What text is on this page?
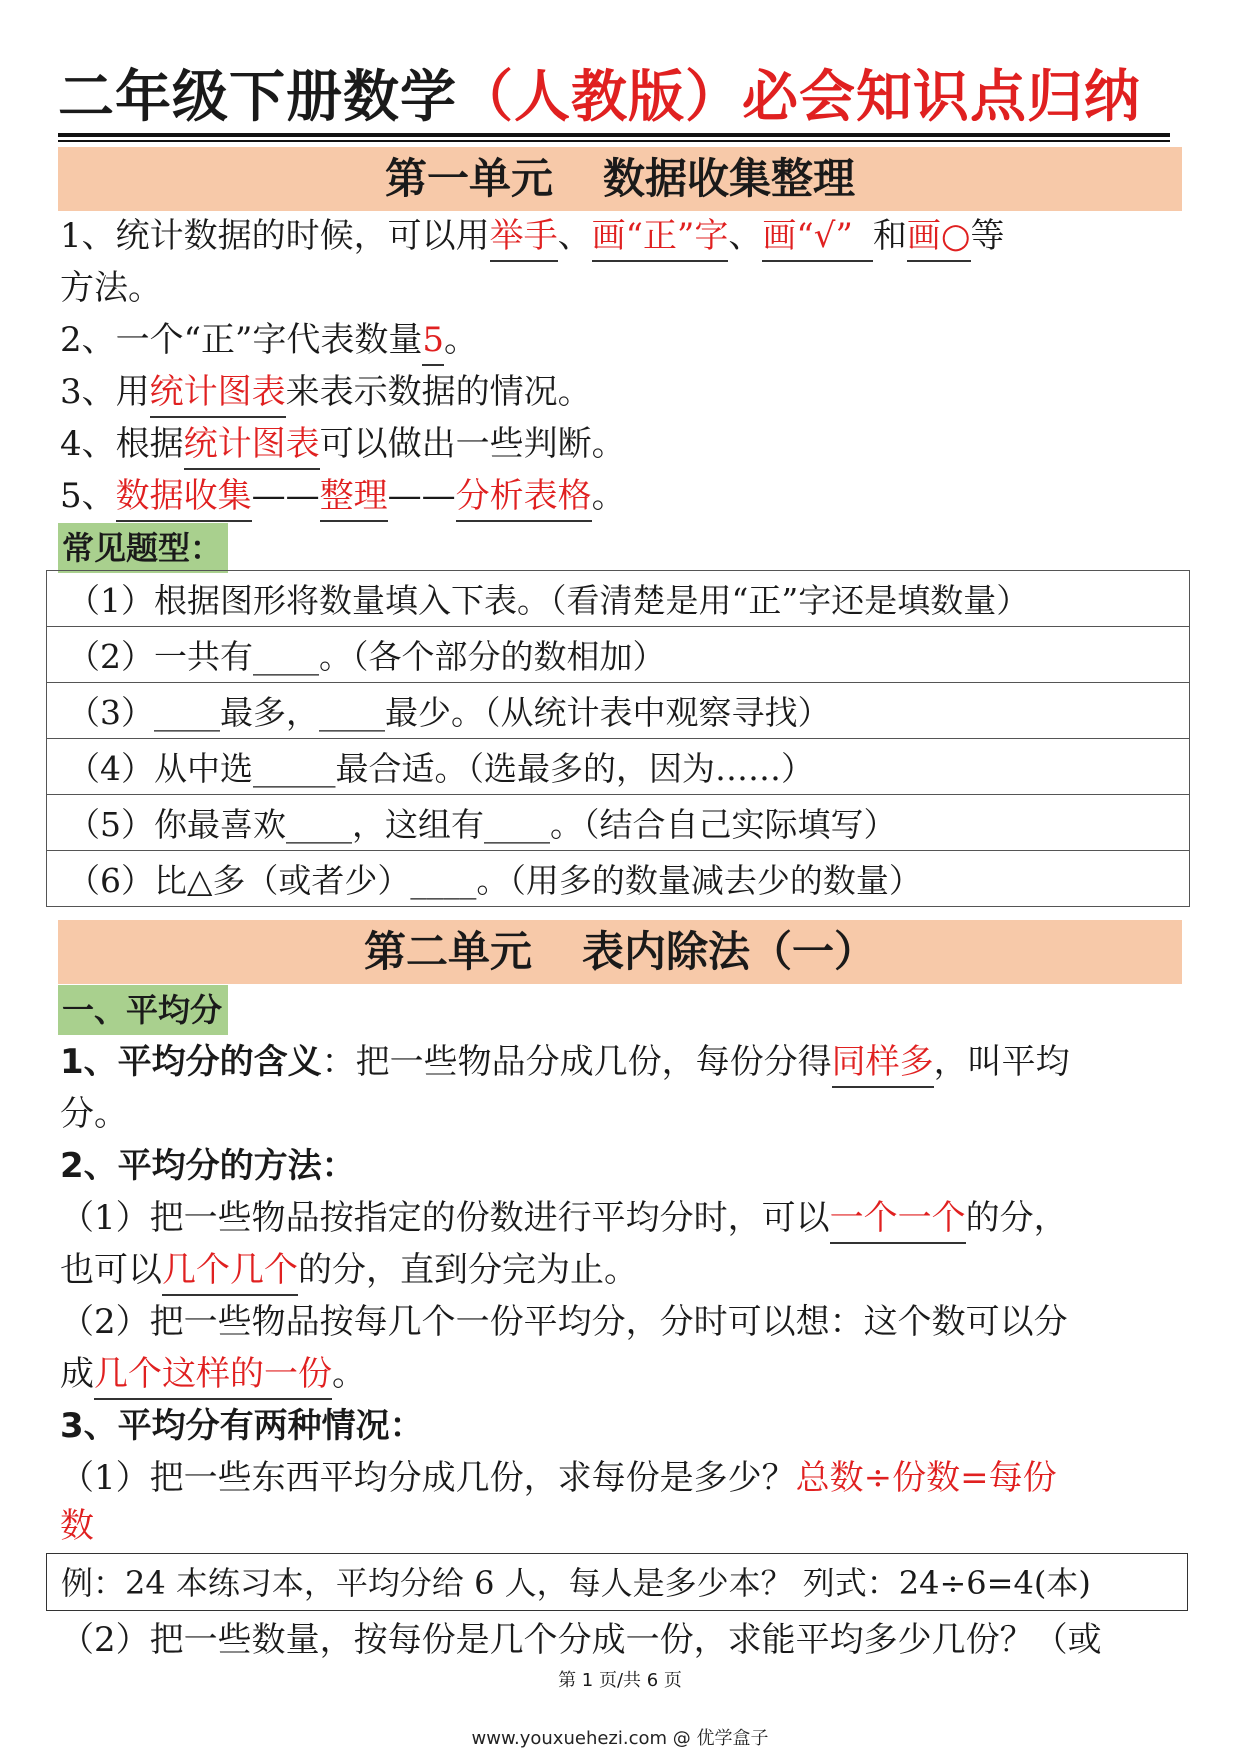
二年级下册数学（人教版）必会知识点归纳
第一单元 数据收集整理
1、统计数据的时候，可以用举手、画“正”字、画“√” 和画○等
方法。
2、一个“正”字代表数量5。
3、用统计图表来表示数据的情况。
4、根据统计图表可以做出一些判断。
5、数据收集——整理——分析表格。
常见题型：
（1）根据图形将数量填入下表。（看清楚是用“正”字还是填数量）
（2）一共有____。（各个部分的数相加）
（3）____最多，____最少。（从统计表中观察寻找）
（4）从中选_____最合适。（选最多的，因为……）
（5）你最喜欢____，这组有____。（结合自己实际填写）
（6）比△多（或者少）____。（用多的数量减去少的数量）
第二单元 表内除法（一）
一、平均分
1、平均分的含义：把一些物品分成几份，每份分得同样多，叫平均
分。
2、平均分的方法：
（1）把一些物品按指定的份数进行平均分时，可以一个一个的分，
也可以几个几个的分，直到分完为止。
（2）把一些物品按每几个一份平均分，分时可以想：这个数可以分
成几个这样的一份。
3、平均分有两种情况：
（1）把一些东西平均分成几份，求每份是多少？总数÷份数=每份
数
例：24 本练习本，平均分给 6 人，每人是多少本？ 列式：24÷6=4(本)
（2）把一些数量，按每份是几个分成一份，求能平均多少几份？（或
第 1 页/共 6 页
www.youxuehezi.com @ 优学盒子
